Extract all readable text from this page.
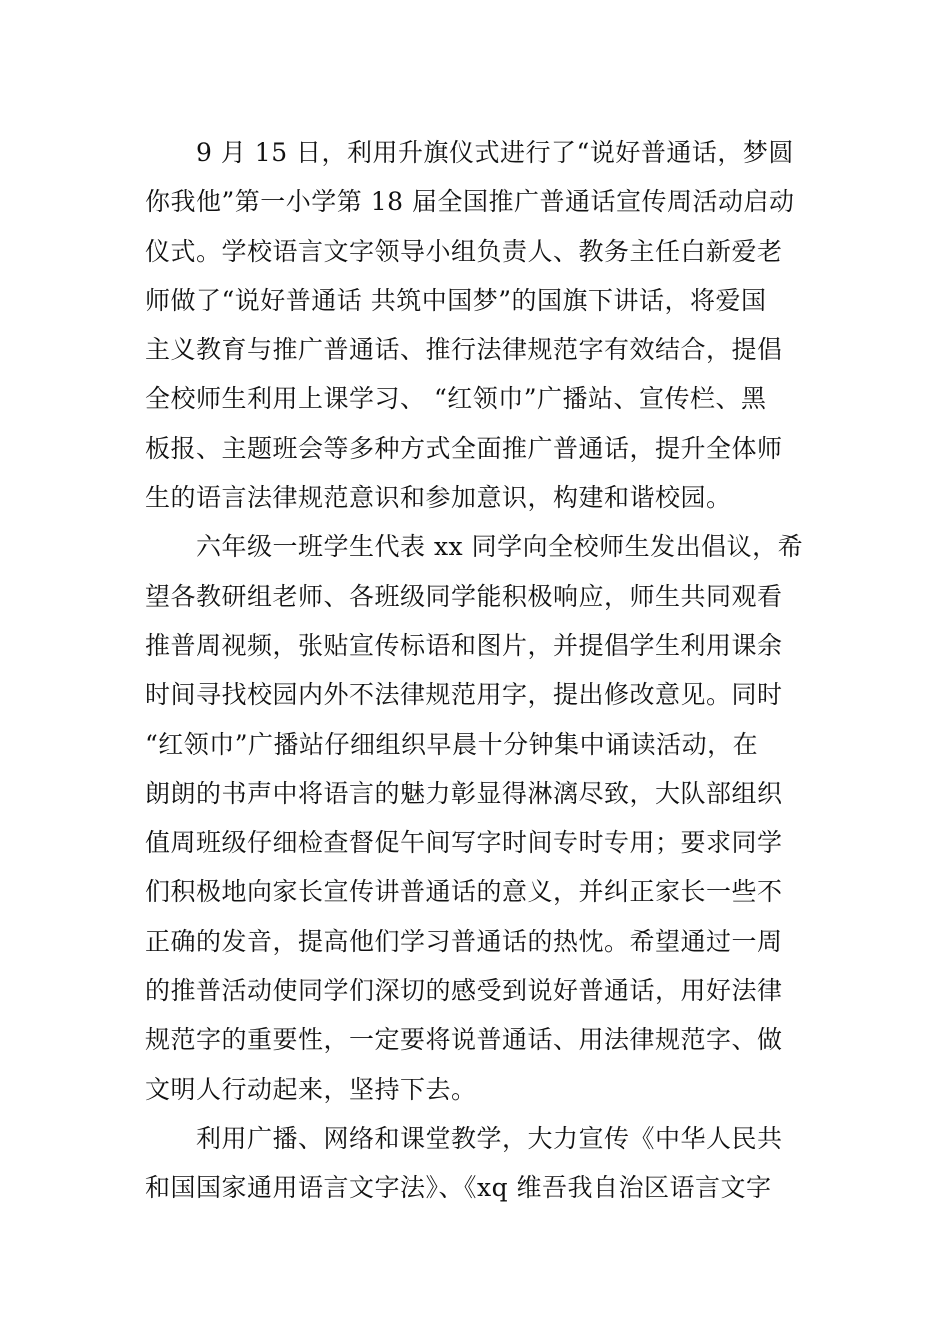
　　9 月 15 日，利用升旗仪式进行了“说好普通话，梦圆
你我他”第一小学第 18 届全国推广普通话宣传周活动启动
仪式。学校语言文字领导小组负责人、教务主任白新爱老
师做了“说好普通话 共筑中国梦”的国旗下讲话，将爱国
主义教育与推广普通话、推行法律规范字有效结合，提倡
全校师生利用上课学习、 “红领巾”广播站、宣传栏、黑
板报、主题班会等多种方式全面推广普通话，提升全体师
生的语言法律规范意识和参加意识，构建和谐校园。

　　六年级一班学生代表 xx 同学向全校师生发出倡议，希
望各教研组老师、各班级同学能积极响应，师生共同观看
推普周视频，张贴宣传标语和图片，并提倡学生利用课余
时间寻找校园内外不法律规范用字，提出修改意见。同时
“红领巾”广播站仔细组织早晨十分钟集中诵读活动，在
朗朗的书声中将语言的魅力彰显得淋漓尽致，大队部组织
值周班级仔细检查督促午间写字时间专时专用；要求同学
们积极地向家长宣传讲普通话的意义，并纠正家长一些不
正确的发音，提高他们学习普通话的热忱。希望通过一周
的推普活动使同学们深切的感受到说好普通话，用好法律
规范字的重要性，一定要将说普通话、用法律规范字、做
文明人行动起来，坚持下去。

　　利用广播、网络和课堂教学，大力宣传《中华人民共
和国国家通用语言文字法》、《xq 维吾我自治区语言文字
